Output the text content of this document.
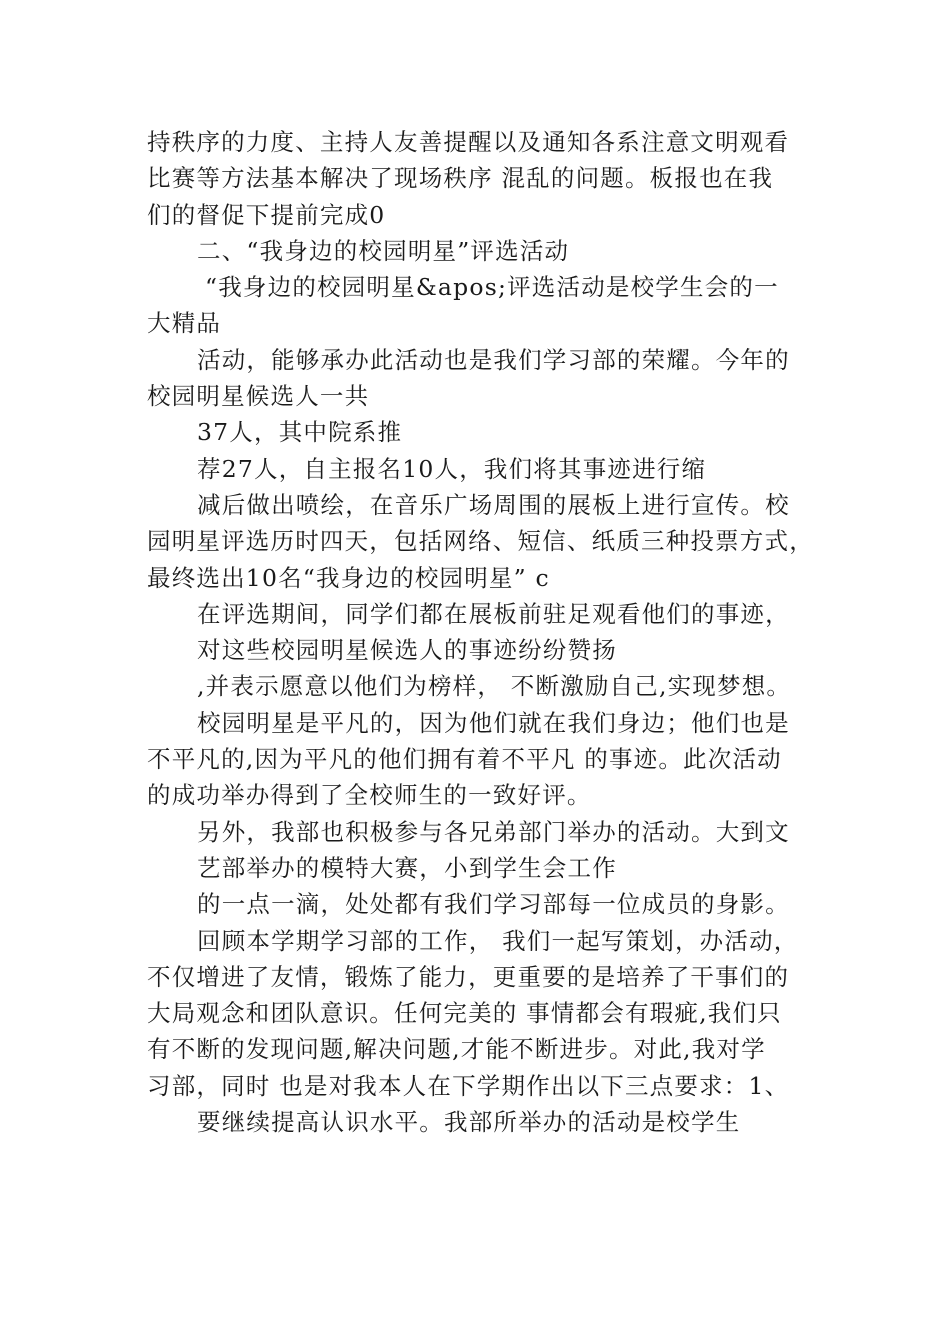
持秩序的力度、主持人友善提醒以及通知各系注意文明观看
比赛等方法基本解决了现场秩序 混乱的问题。板报也在我
们的督促下提前完成0
二、“我身边的校园明星”评选活动
“我身边的校园明星&apos;评选活动是校学生会的一
大精品
活动，能够承办此活动也是我们学习部的荣耀。今年的
校园明星候选人一共
37人，其中院系推
荐27人，自主报名10人，我们将其事迹进行缩
减后做出喷绘，在音乐广场周围的展板上进行宣传。校
园明星评选历时四天，包括网络、短信、纸质三种投票方式，
最终选出10名“我身边的校园明星” c
在评选期间，同学们都在展板前驻足观看他们的事迹，
对这些校园明星候选人的事迹纷纷赞扬
,并表示愿意以他们为榜样， 不断激励自己,实现梦想。
校园明星是平凡的，因为他们就在我们身边；他们也是
不平凡的,因为平凡的他们拥有着不平凡 的事迹。此次活动
的成功举办得到了全校师生的一致好评。
另外，我部也积极参与各兄弟部门举办的活动。大到文
艺部举办的模特大赛，小到学生会工作
的一点一滴，处处都有我们学习部每一位成员的身影。
回顾本学期学习部的工作， 我们一起写策划，办活动，
不仅增进了友情，锻炼了能力，更重要的是培养了干事们的
大局观念和团队意识。任何完美的 事情都会有瑕疵,我们只
有不断的发现问题,解决问题,才能不断进步。对此,我对学
习部，同时 也是对我本人在下学期作出以下三点要求：1、
要继续提高认识水平。我部所举办的活动是校学生
